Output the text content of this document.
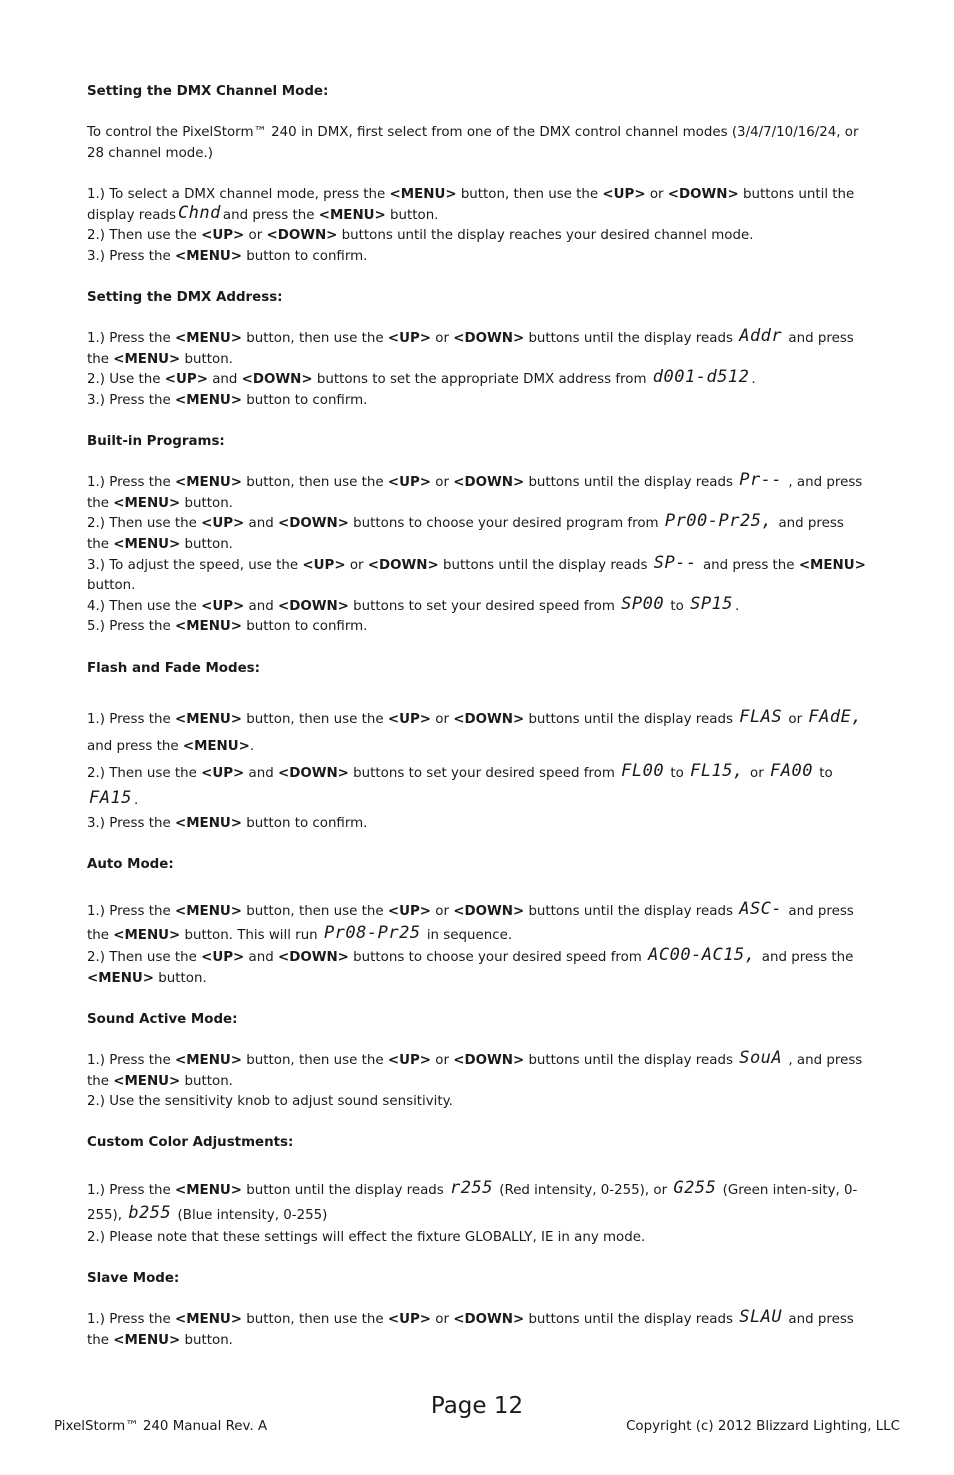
Setting the DMX Channel Mode:

To control the PixelStorm™ 240 in DMX, first select from one of the DMX control channel modes (3/4/7/10/16/24, or 28 channel mode.)

1.) To select a DMX channel mode, press the <MENU> button, then use the <UP> or <DOWN> buttons until the display reads Chnd and press the <MENU> button.

2.) Then use the <UP> or <DOWN> buttons until the display reaches your desired channel mode.

3.) Press the <MENU> button to confirm.

Setting the DMX Address:

1.) Press the <MENU> button, then use the <UP> or <DOWN> buttons until the display reads Addr and press the <MENU> button.

2.) Use the <UP> and <DOWN> buttons to set the appropriate DMX address from d001-d512 .

3.) Press the <MENU> button to confirm.

Built-in Programs:

1.) Press the <MENU> button, then use the <UP> or <DOWN> buttons until the display reads Pr-- , and press the <MENU> button.

2.) Then use the <UP> and <DOWN> buttons to choose your desired program from Pr00-Pr25, and press the <MENU> button.

3.) To adjust the speed, use the <UP> or <DOWN> buttons until the display reads SP-- and press the <MENU> button.

4.) Then use the <UP> and <DOWN> buttons to set your desired speed from SP00 to SP15 .

5.) Press the <MENU> button to confirm.

Flash and Fade Modes:

1.) Press the <MENU> button, then use the <UP> or <DOWN> buttons until the display reads FLAS or FAdE, and press the <MENU>.

2.) Then use the <UP> and <DOWN> buttons to set your desired speed from FL00 to FL15, or FA00 to FA15 .

3.) Press the <MENU> button to confirm.

Auto Mode:

1.) Press the <MENU> button, then use the <UP> or <DOWN> buttons until the display reads ASC- and press the <MENU> button. This will run Pr08-Pr25 in sequence.

2.) Then use the <UP> and <DOWN> buttons to choose your desired speed from AC00-AC15, and press the <MENU> button.

Sound Active Mode:

1.) Press the <MENU> button, then use the <UP> or <DOWN> buttons until the display reads SouA , and press the <MENU> button.

2.) Use the sensitivity knob to adjust sound sensitivity.

Custom Color Adjustments:

1.) Press the <MENU> button until the display reads r255 (Red intensity, 0-255), or G255 (Green inten-sity, 0-255), b255 (Blue intensity, 0-255)

2.) Please note that these settings will effect the fixture GLOBALLY, IE in any mode.

Slave Mode:

1.) Press the <MENU> button, then use the <UP> or <DOWN> buttons until the display reads SLAU and press the <MENU> button.

Page 12
PixelStorm™ 240 Manual Rev. A	Copyright (c) 2012 Blizzard Lighting, LLC
